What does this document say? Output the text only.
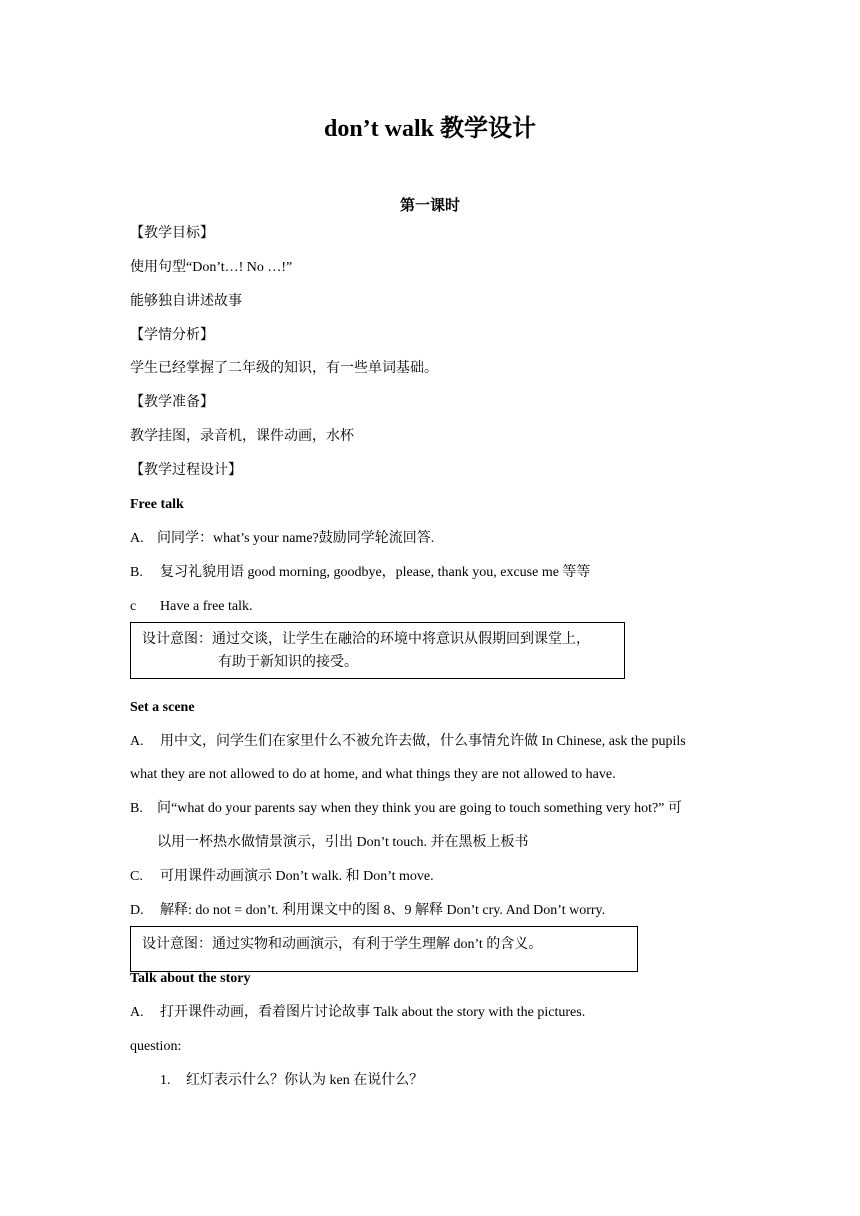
don’t walk 教学设计
第一课时
【教学目标】
使用句型“Don’t…! No …!”
能够独自讲述故事
【学情分析】
学生已经掌握了二年级的知识，有一些单词基础。
【教学准备】
教学挂图，录音机，课件动画，水杯
【教学过程设计】
Free talk
A. 问同学：what’s your name?鼓励同学轮流回答.
B. 复习礼貌用语 good morning, goodbye，please, thank you, excuse me 等等
c Have a free talk.
设计意图：通过交谈，让学生在融洽的环境中将意识从假期回到课堂上，
有助于新知识的接受。
Set a scene
A. 用中文，问学生们在家里什么不被允许去做，什么事情允许做 In Chinese, ask the pupils
what they are not allowed to do at home, and what things they are not allowed to have.
B. 问“what do your parents say when they think you are going to touch something very hot?” 可
以用一杯热水做情景演示，引出 Don’t touch. 并在黑板上板书
C. 可用课件动画演示 Don’t walk. 和 Don’t move.
D. 解释: do not = don’t. 利用课文中的图 8、9 解释 Don’t cry. And Don’t worry.
设计意图：通过实物和动画演示，有利于学生理解 don’t 的含义。
Talk about the story
A. 打开课件动画，看着图片讨论故事 Talk about the story with the pictures.
question:
1. 红灯表示什么？你认为 ken 在说什么？
